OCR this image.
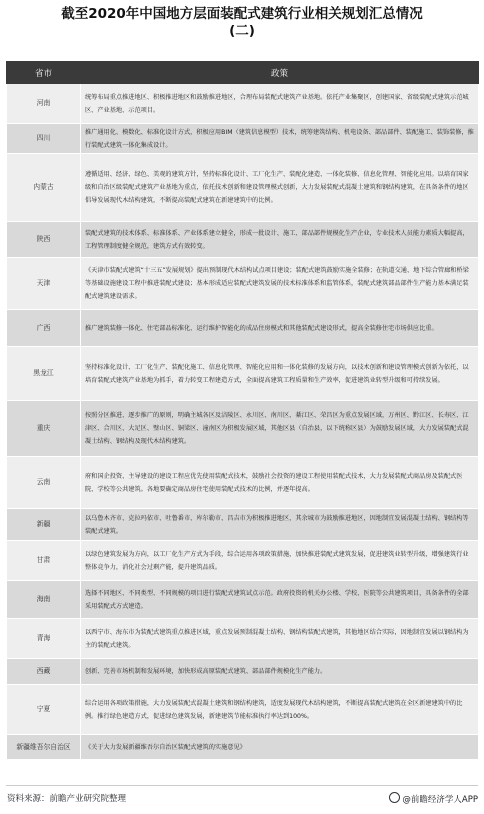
截至2020年中国地方层面装配式建筑行业相关规划汇总情况
(二)
省市	政策
河南	统筹布局重点推进地区、积极推进地区和鼓励推进地区，合理布局装配式建筑产业基地。依托产业集聚区，创建国家、省级装配式建筑示范城区、产业基地、示范项目。
四川	推广通用化、模数化、标准化设计方式，积极应用BIM（建筑信息模型）技术，统筹建筑结构、机电设备、部品部件、装配施工、装饰装修，推行装配式建筑一体化集成设计。
内蒙古	遵循适用、经济、绿色、美观的建筑方针，坚持标准化设计、工厂化生产、装配化建造、一体化装修、信息化管理、智能化应用。以培育国家级和自治区级装配式建筑产业基地为重点，依托技术创新和建设管理模式创新，大力发展装配式混凝土建筑和钢结构建筑，在具备条件的地区倡导发展现代木结构建筑，不断提高装配式建筑在新建建筑中的比例。
陕西	装配式建筑的技术体系、标准体系、产业体系建立健全，形成一批设计、施工、部品部件规模化生产企业，专业技术人员能力素质大幅提高，工程管理制度健全规范，建筑方式有效转变。
天津	《天津市装配式建筑“十三五”发展规划》提出预制现代木结构试点项目建设；装配式建筑鼓励实施全装修；在轨道交通、地下综合管廊和桥梁等基础设施建设工程中推进装配式建设；基本形成适应装配式建筑发展的技术标准体系和监管体系，装配式建筑部品部件生产能力基本满足装配式建筑建设需求。
广西	推广建筑装修一体化、住宅部品标准化、运行维护智能化的成品住房模式和其他装配式建设形式，提高全装修住宅市场供应比重。
黑龙江	坚持标准化设计、工厂化生产、装配化施工、信息化管理、智能化应用和一体化装修的发展方向，以技术创新和建设管理模式创新为依托，以培育装配式建筑产业基地为抓手，着力转变工程建造方式，全面提高建筑工程质量和生产效率，促进建筑业转型升级和可持续发展。
重庆	按照分区推进、逐步推广的原则，明确主城各区及涪陵区、永川区、南川区、綦江区、荣昌区为重点发展区域，万州区、黔江区、长寿区、江津区、合川区、大足区、璧山区、铜梁区、潼南区为积极发展区域，其他区县（自治县，以下统称区县）为鼓励发展区域，大力发展装配式混凝土结构、钢结构及现代木结构建筑。
云南	府和国企投资、主导建设的建设工程应优先使用装配式技术，鼓励社会投资的建设工程使用装配式技术，大力发展装配式商品房及装配式医院、学校等公共建筑。各地要确定商品房住宅使用装配式技术的比例，并逐年提高。
新疆	以乌鲁木齐市、克拉玛依市、吐鲁番市、库尔勒市、昌吉市为积极推进地区，其余城市为鼓励推进地区，因地制宜发展混凝土结构、钢结构等装配式建筑。
甘肃	以绿色建筑发展为方向，以工厂化生产方式为手段，综合运用各项政策措施，加快推进装配式建筑发展，促进建筑业转型升级，增强建筑行业整体竞争力，消化社会过剩产能，提升建筑品质。
海南	选择不同地区、不同类型、不同规模的项目进行装配式建筑试点示范。政府投资的机关办公楼、学校、医院等公共建筑项目，具备条件的全部采用装配式方式建造。
青海	以西宁市、海东市为装配式建筑重点推进区域，重点发展预制混凝土结构、钢结构装配式建筑，其他地区结合实际，因地制宜发展以钢结构为主的装配式建筑。
西藏	创新、完善市场机制和发展环境，加快形成高原装配式建筑、部品部件规模化生产能力。
宁夏	综合运用各项政策措施，大力发展装配式混凝土建筑和钢结构建筑，适度发展现代木结构建筑，不断提高装配式建筑在全区新建建筑中的比例。推行绿色建造方式，促进绿色建筑发展，新建建筑节能标准执行率达到100%。
新疆维吾尔自治区	《关于大力发展新疆维吾尔自治区装配式建筑的实施意见》
资料来源：前瞻产业研究院整理	@前瞻经济学人APP
